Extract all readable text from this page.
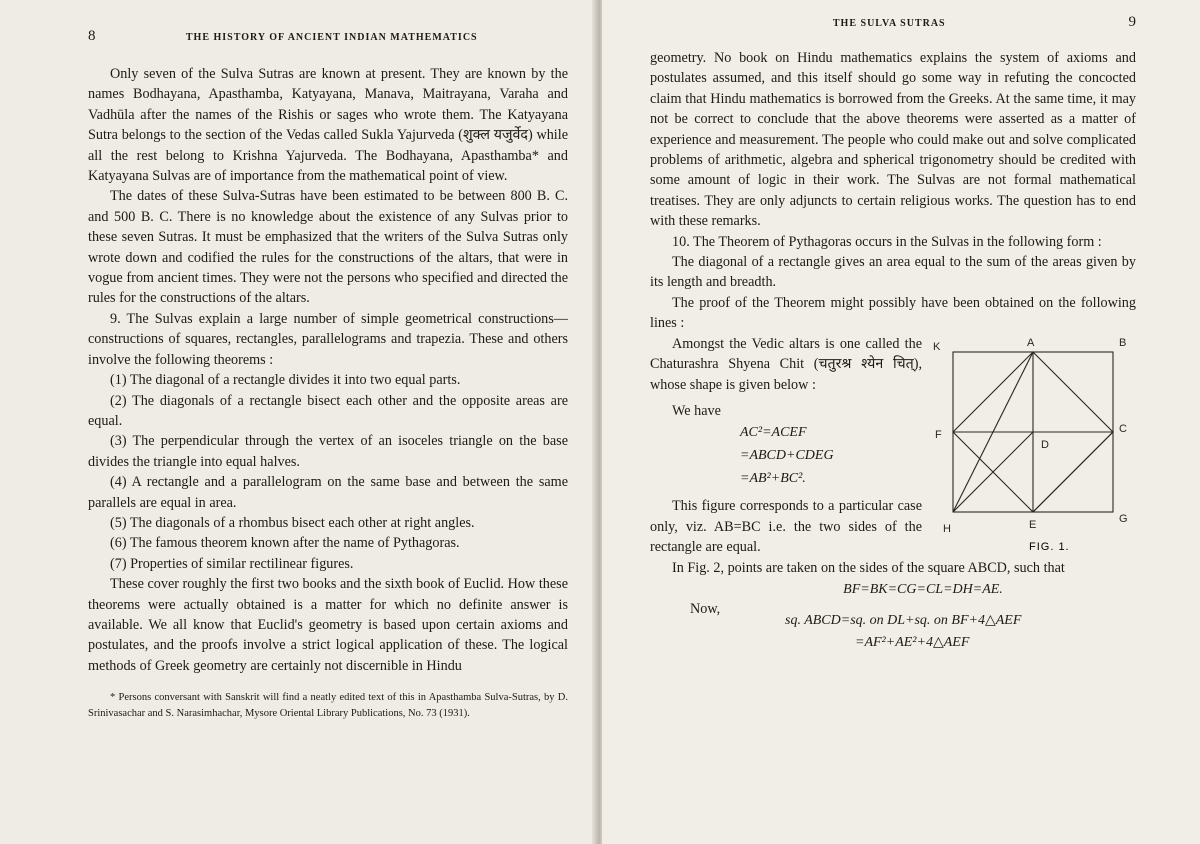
8	THE HISTORY OF ANCIENT INDIAN MATHEMATICS

Only seven of the Sulva Sutras are known at present. They are known by the names Bodhayana, Apasthamba, Katyayana, Manava, Maitrayana, Varaha and Vadhūla after the names of the Rishis or sages who wrote them. The Katyayana Sutra belongs to the section of the Vedas called Sukla Yajurveda (शुक्ल यजुर्वेद) while all the rest belong to Krishna Yajurveda. The Bodhayana, Apasthamba* and Katyayana Sulvas are of importance from the mathematical point of view.

The dates of these Sulva-Sutras have been estimated to be between 800 B. C. and 500 B. C. There is no knowledge about the existence of any Sulvas prior to these seven Sutras. It must be emphasized that the writers of the Sulva Sutras only wrote down and codified the rules for the constructions of the altars, that were in vogue from ancient times. They were not the persons who specified and directed the rules for the constructions of the altars.

9. The Sulvas explain a large number of simple geometrical constructions—constructions of squares, rectangles, parallelograms and trapezia. These and others involve the following theorems :

(1) The diagonal of a rectangle divides it into two equal parts.

(2) The diagonals of a rectangle bisect each other and the opposite areas are equal.

(3) The perpendicular through the vertex of an isoceles triangle on the base divides the triangle into equal halves.

(4) A rectangle and a parallelogram on the same base and between the same parallels are equal in area.

(5) The diagonals of a rhombus bisect each other at right angles.

(6) The famous theorem known after the name of Pythagoras.

(7) Properties of similar rectilinear figures.

These cover roughly the first two books and the sixth book of Euclid. How these theorems were actually obtained is a matter for which no definite answer is available. We all know that Euclid's geometry is based upon certain axioms and postulates, and the proofs involve a strict logical application of these. The logical methods of Greek geometry are certainly not discernible in Hindu

* Persons conversant with Sanskrit will find a neatly edited text of this in Apasthamba Sulva-Sutras, by D. Srinivasachar and S. Narasimhachar, Mysore Oriental Library Publications, No. 73 (1931).

THE SULVA SUTRAS	9

geometry. No book on Hindu mathematics explains the system of axioms and postulates assumed, and this itself should go some way in refuting the concocted claim that Hindu mathematics is borrowed from the Greeks. At the same time, it may not be correct to conclude that the above theorems were asserted as a matter of experience and measurement. The people who could make out and solve complicated problems of arithmetic, algebra and spherical trigonometry should be credited with some amount of logic in their work. The Sulvas are not formal mathematical treatises. They are only adjuncts to certain religious works. The question has to end with these remarks.

10. The Theorem of Pythagoras occurs in the Sulvas in the following form :

The diagonal of a rectangle gives an area equal to the sum of the areas given by its length and breadth.

The proof of the Theorem might possibly have been obtained on the following lines :

Amongst the Vedic altars is one called the Chaturashra Shyena Chit (चतुरश्र श्येन चित्), whose shape is given below :

We have

AC²=ACEF
=ABCD+CDEG
=AB²+BC².

This figure corresponds to a particular case only, viz. AB=BC i.e. the two sides of the rectangle are equal.

K	A	B
F
D
C
H	E	G
FIG. 1.

In Fig. 2, points are taken on the sides of the square ABCD, such that

BF=BK=CG=CL=DH=AE.
Now,
sq. ABCD=sq. on DL+sq. on BF+4△AEF
=AF²+AE²+4△AEF
